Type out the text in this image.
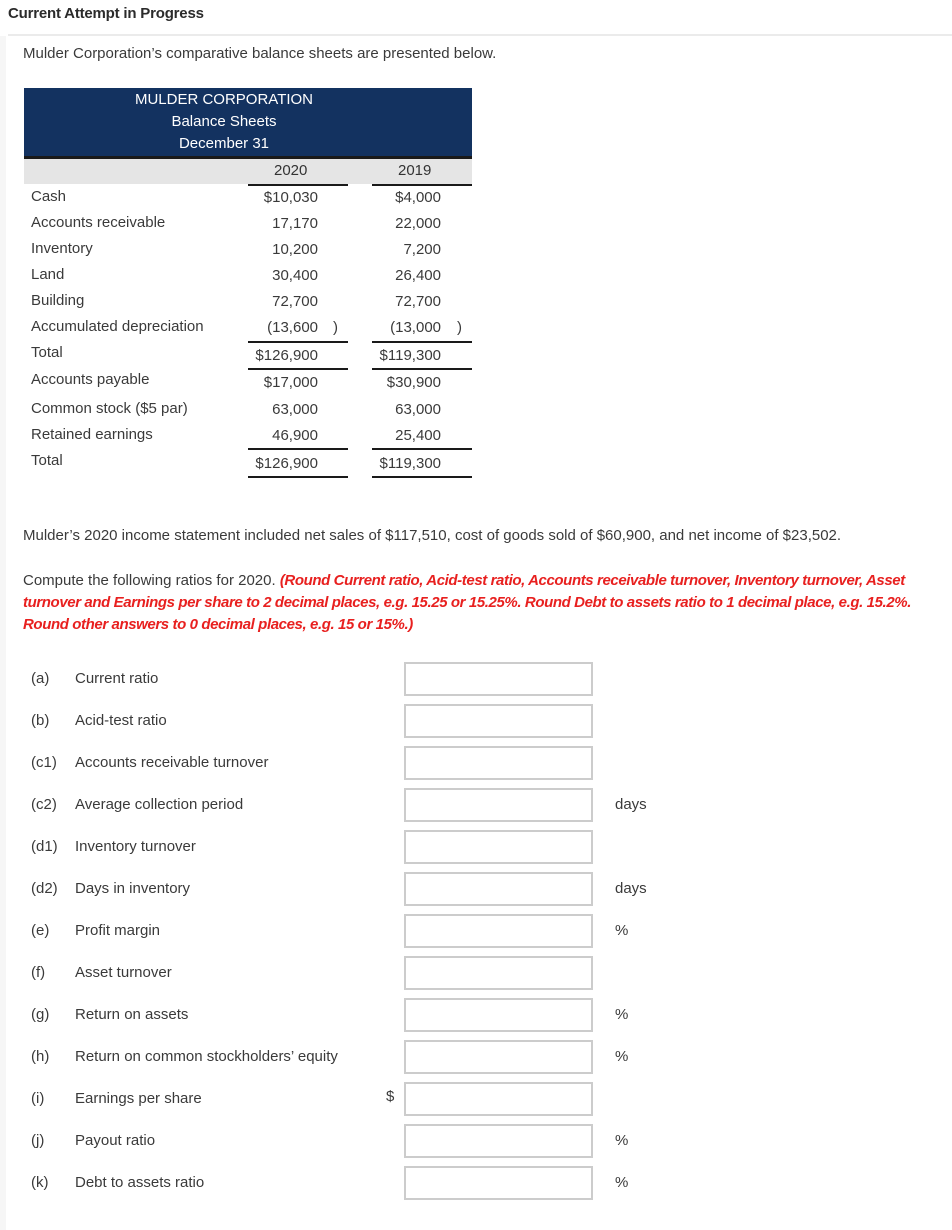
Current Attempt in Progress
Mulder Corporation’s comparative balance sheets are presented below.
MULDER CORPORATION
Balance Sheets
December 31
2020	2019
Cash	$10,030	$4,000
Accounts receivable	17,170	22,000
Inventory	10,200	7,200
Land	30,400	26,400
Building	72,700	72,700
Accumulated depreciation	(13,600 )	(13,000 )
Total	$126,900	$119,300
Accounts payable	$17,000	$30,900
Common stock ($5 par)	63,000	63,000
Retained earnings	46,900	25,400
Total	$126,900	$119,300
Mulder’s 2020 income statement included net sales of $117,510, cost of goods sold of $60,900, and net income of $23,502.
Compute the following ratios for 2020. (Round Current ratio, Acid-test ratio, Accounts receivable turnover, Inventory turnover, Asset turnover and Earnings per share to 2 decimal places, e.g. 15.25 or 15.25%. Round Debt to assets ratio to 1 decimal place, e.g. 15.2%. Round other answers to 0 decimal places, e.g. 15 or 15%.)
(a) Current ratio
(b) Acid-test ratio
(c1) Accounts receivable turnover
(c2) Average collection period	days
(d1) Inventory turnover
(d2) Days in inventory	days
(e) Profit margin	%
(f) Asset turnover
(g) Return on assets	%
(h) Return on common stockholders’ equity	%
(i) Earnings per share	$
(j) Payout ratio	%
(k) Debt to assets ratio	%
